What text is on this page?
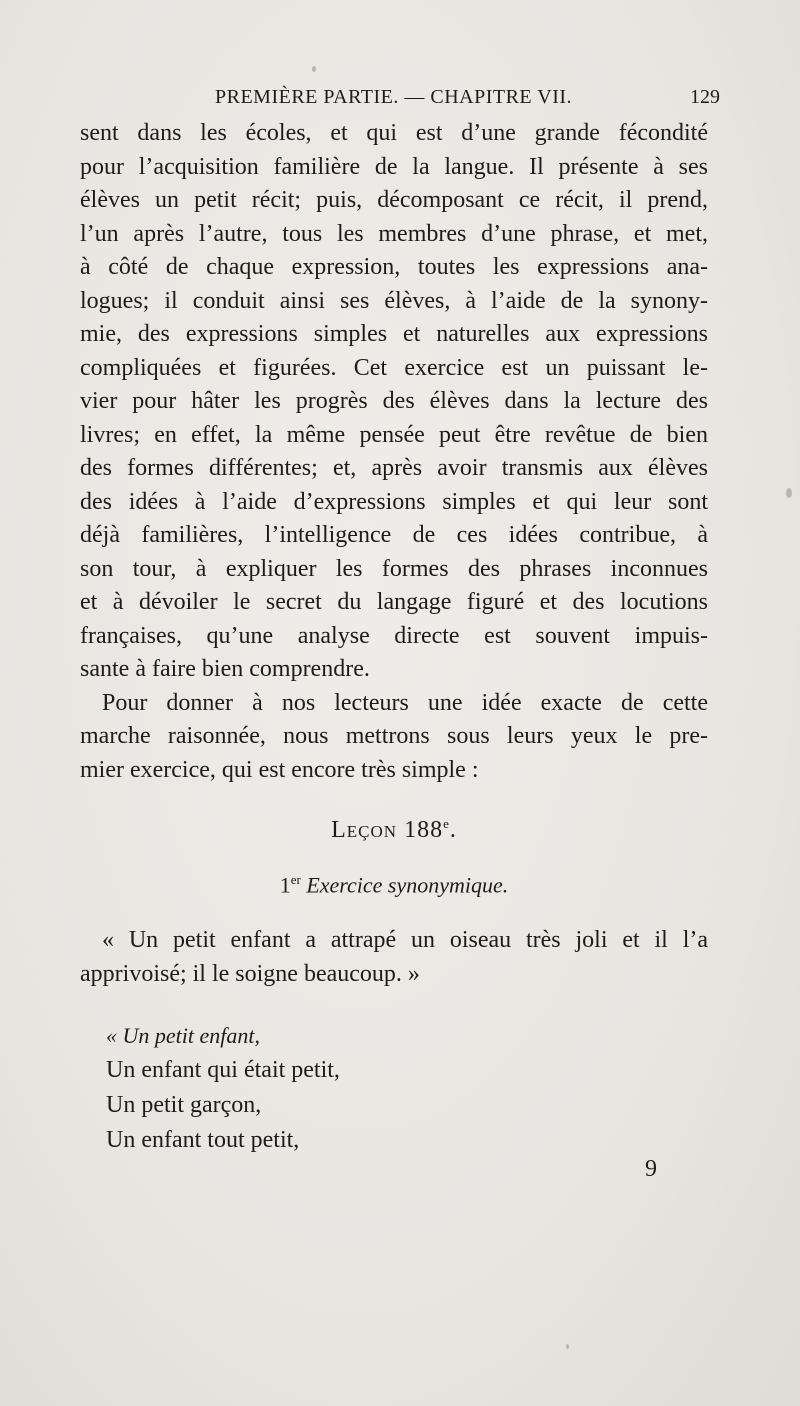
PREMIÈRE PARTIE. — CHAPITRE VII.	129
sent dans les écoles, et qui est d’une grande fécondité
pour l’acquisition familière de la langue. Il présente à ses
élèves un petit récit; puis, décomposant ce récit, il prend,
l’un après l’autre, tous les membres d’une phrase, et met,
à côté de chaque expression, toutes les expressions ana-
logues; il conduit ainsi ses élèves, à l’aide de la synony-
mie, des expressions simples et naturelles aux expressions
compliquées et figurées. Cet exercice est un puissant le-
vier pour hâter les progrès des élèves dans la lecture des
livres; en effet, la même pensée peut être revêtue de bien
des formes différentes; et, après avoir transmis aux élèves
des idées à l’aide d’expressions simples et qui leur sont
déjà familières, l’intelligence de ces idées contribue, à
son tour, à expliquer les formes des phrases inconnues
et à dévoiler le secret du langage figuré et des locutions
françaises, qu’une analyse directe est souvent impuis-
sante à faire bien comprendre.
Pour donner à nos lecteurs une idée exacte de cette
marche raisonnée, nous mettrons sous leurs yeux le pre-
mier exercice, qui est encore très simple :
Leçon 188e.
1er Exercice synonymique.
« Un petit enfant a attrapé un oiseau très joli et il l’a
apprivoisé; il le soigne beaucoup. »
« Un petit enfant,
Un enfant qui était petit,
Un petit garçon,
Un enfant tout petit,
9
